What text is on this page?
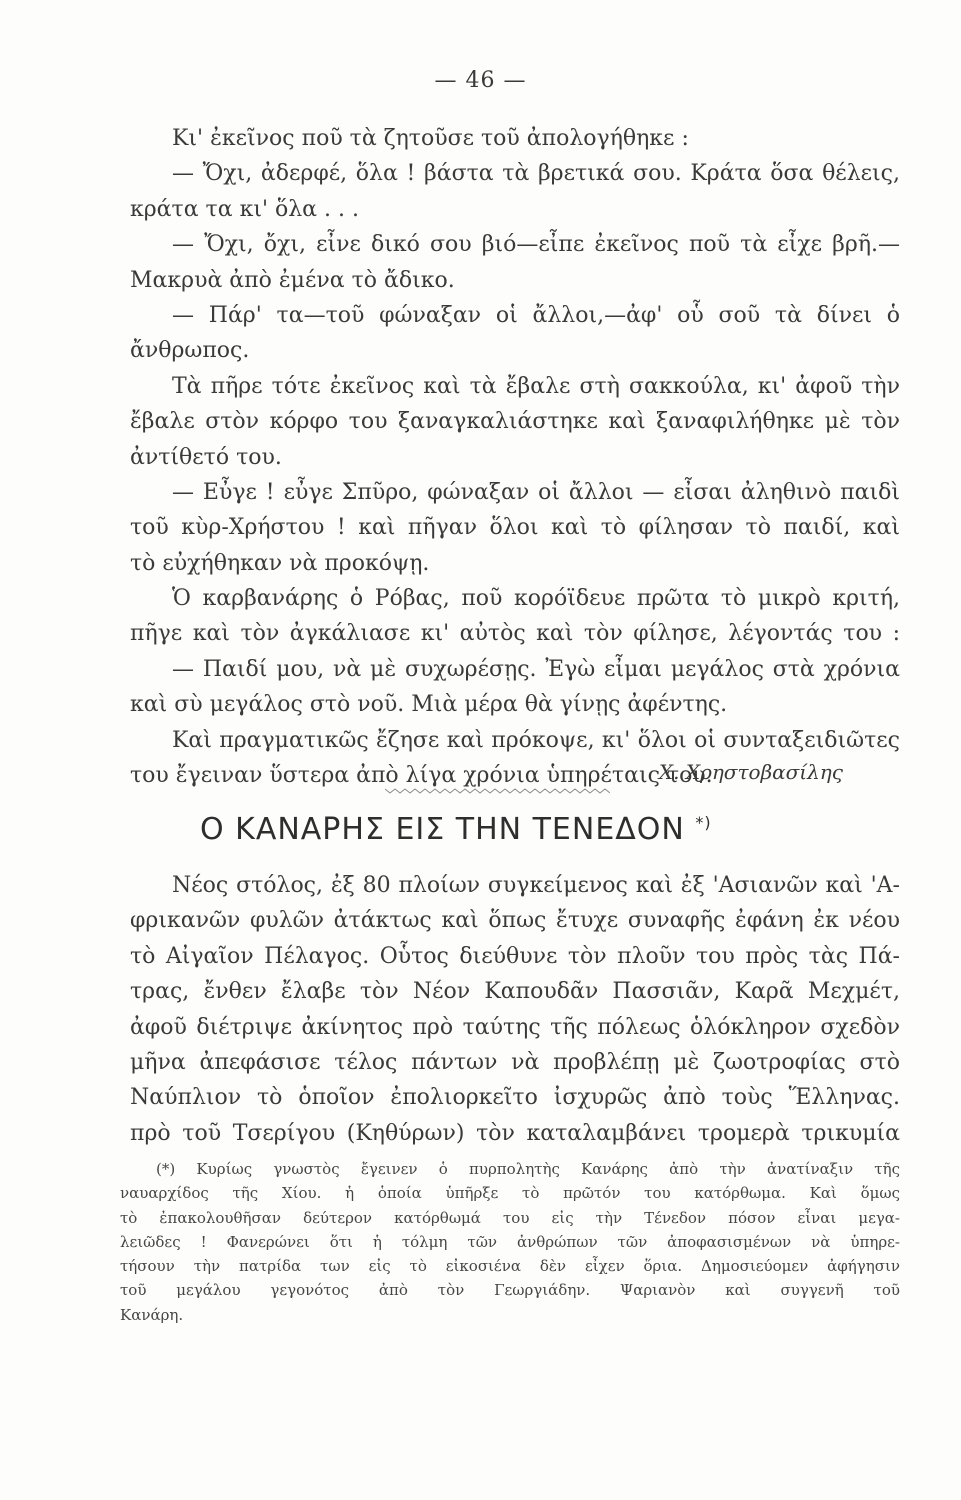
— 46 —
Κι' ἐκεῖνος ποῦ τὰ ζητοῦσε τοῦ ἀπολογήθηκε :
— Ὄχι, ἀδερφέ, ὅλα ! βάστα τὰ βρετικά σου. Κράτα ὅσα θέλεις,
κράτα τα κι' ὅλα . . .
— Ὄχι, ὄχι, εἶνε δικό σου βιό—εἶπε ἐκεῖνος ποῦ τὰ εἶχε βρῆ.—
Μακρυὰ ἀπὸ ἐμένα τὸ ἄδικο.
— Πάρ' τα—τοῦ φώναξαν οἱ ἄλλοι,—ἀφ' οὗ σοῦ τὰ δίνει ὁ
ἄνθρωπος.
Τὰ πῆρε τότε ἐκεῖνος καὶ τὰ ἔβαλε στὴ σακκούλα, κι' ἀφοῦ τὴν
ἔβαλε στὸν κόρφο του ξαναγκαλιάστηκε καὶ ξαναφιλήθηκε μὲ τὸν
ἀντίθετό του.
— Εὖγε ! εὖγε Σπῦρο, φώναξαν οἱ ἄλλοι — εἶσαι ἀληθινὸ παιδὶ
τοῦ κὺρ-Χρήστου ! καὶ πῆγαν ὅλοι καὶ τὸ φίλησαν τὸ παιδί, καὶ
τὸ εὐχήθηκαν νὰ προκόψῃ.
Ὁ καρβανάρης ὁ Ρόβας, ποῦ κορόϊδευε πρῶτα τὸ μικρὸ κριτή,
πῆγε καὶ τὸν ἀγκάλιασε κι' αὐτὸς καὶ τὸν φίλησε, λέγοντάς του :
— Παιδί μου, νὰ μὲ συχωρέσῃς. Ἐγὼ εἶμαι μεγάλος στὰ χρόνια
καὶ σὺ μεγάλος στὸ νοῦ. Μιὰ μέρα θὰ γίνῃς ἀφέντης.
Καὶ πραγματικῶς ἔζησε καὶ πρόκοψε, κι' ὅλοι οἱ συνταξειδιῶτες
του ἔγειναν ὕστερα ἀπὸ λίγα χρόνια ὑπηρέταις του.
Χ. Χρηστοβασίλης
Ο ΚΑΝΑΡΗΣ ΕΙΣ ΤΗΝ ΤΕΝΕΔΟΝ *)
Νέος στόλος, ἐξ 80 πλοίων συγκείμενος καὶ ἐξ 'Ασιανῶν καὶ 'Α-
φρικανῶν φυλῶν ἀτάκτως καὶ ὅπως ἔτυχε συναφῆς ἐφάνη ἐκ νέου
τὸ Αἰγαῖον Πέλαγος. Οὗτος διεύθυνε τὸν πλοῦν του πρὸς τὰς Πά-
τρας, ἔνθεν ἔλαβε τὸν Νέον Καπουδᾶν Πασσιᾶν, Καρᾶ Μεχμέτ,
ἀφοῦ διέτριψε ἀκίνητος πρὸ ταύτης τῆς πόλεως ὁλόκληρον σχεδὸν
μῆνα ἀπεφάσισε τέλος πάντων νὰ προβλέπῃ μὲ ζωοτροφίας στὸ
Ναύπλιον τὸ ὁποῖον ἐπολιορκεῖτο ἰσχυρῶς ἀπὸ τοὺς Ἕλληνας.
πρὸ τοῦ Τσερίγου (Κηθύρων) τὸν καταλαμβάνει τρομερὰ τρικυμία
(*) Κυρίως γνωστὸς ἔγεινεν ὁ πυρπολητὴς Κανάρης ἀπὸ τὴν ἀνατίναξιν τῆς
ναυαρχίδος τῆς Χίου. ἡ ὁποία ὑπῆρξε τὸ πρῶτόν του κατόρθωμα. Καὶ ὅμως
τὸ ἐπακολουθῆσαν δεύτερον κατόρθωμά του εἰς τὴν Τένεδον πόσον εἶναι μεγα-
λειῶδες ! Φανερώνει ὅτι ἡ τόλμη τῶν ἀνθρώπων τῶν ἀποφασισμένων νὰ ὑπηρε-
τήσουν τὴν πατρίδα των εἰς τὸ εἰκοσιένα δὲν εἶχεν ὅρια. Δημοσιεύομεν ἀφήγησιν
τοῦ μεγάλου γεγονότος ἀπὸ τὸν Γεωργιάδην. Ψαριανὸν καὶ συγγενῆ τοῦ
Κανάρη.
